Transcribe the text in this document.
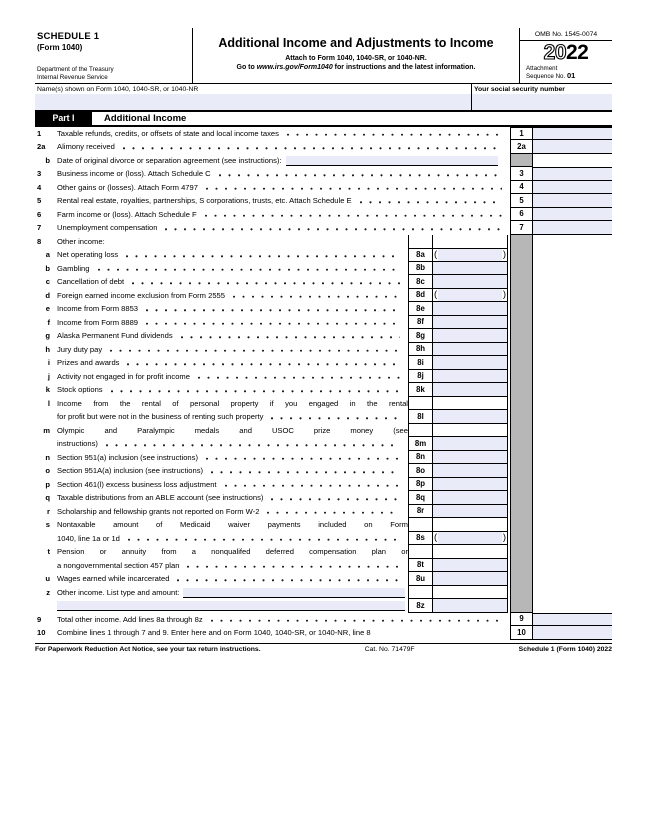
SCHEDULE 1
(Form 1040)
Department of the Treasury
Internal Revenue Service
Additional Income and Adjustments to Income
Attach to Form 1040, 1040-SR, or 1040-NR.
Go to www.irs.gov/Form1040 for instructions and the latest information.
OMB No. 1545-0074
2022
Attachment
Sequence No. 01
Name(s) shown on Form 1040, 1040-SR, or 1040-NR	Your social security number
Part I	Additional Income
1	Taxable refunds, credits, or offsets of state and local income taxes	1
2a	Alimony received	2a
b Date of original divorce or separation agreement (see instructions):
3	Business income or (loss). Attach Schedule C	3
4	Other gains or (losses). Attach Form 4797	4
5	Rental real estate, royalties, partnerships, S corporations, trusts, etc. Attach Schedule E	5
6	Farm income or (loss). Attach Schedule F	6
7	Unemployment compensation	7
8	Other income:
a Net operating loss	8a (	)
b Gambling	8b
c Cancellation of debt	8c
d Foreign earned income exclusion from Form 2555	8d (	)
e Income from Form 8853	8e
f Income from Form 8889	8f
g Alaska Permanent Fund dividends	8g
h Jury duty pay	8h
i Prizes and awards	8i
j Activity not engaged in for profit income	8j
k Stock options	8k
l Income from the rental of personal property if you engaged in the rental
for profit but were not in the business of renting such property	8l
m Olympic and Paralympic medals and USOC prize money (see
instructions)	8m
n Section 951(a) inclusion (see instructions)	8n
o Section 951A(a) inclusion (see instructions)	8o
p Section 461(l) excess business loss adjustment	8p
q Taxable distributions from an ABLE account (see instructions)	8q
r Scholarship and fellowship grants not reported on Form W-2	8r
s Nontaxable amount of Medicaid waiver payments included on Form
1040, line 1a or 1d	8s (	)
t Pension or annuity from a nonqualifed deferred compensation plan or
a nongovernmental section 457 plan	8t
u Wages earned while incarcerated	8u
z Other income. List type and amount:
8z
9	Total other income. Add lines 8a through 8z	9
10	Combine lines 1 through 7 and 9. Enter here and on Form 1040, 1040-SR, or 1040-NR, line 8	10
For Paperwork Reduction Act Notice, see your tax return instructions.	Cat. No. 71479F	Schedule 1 (Form 1040) 2022
